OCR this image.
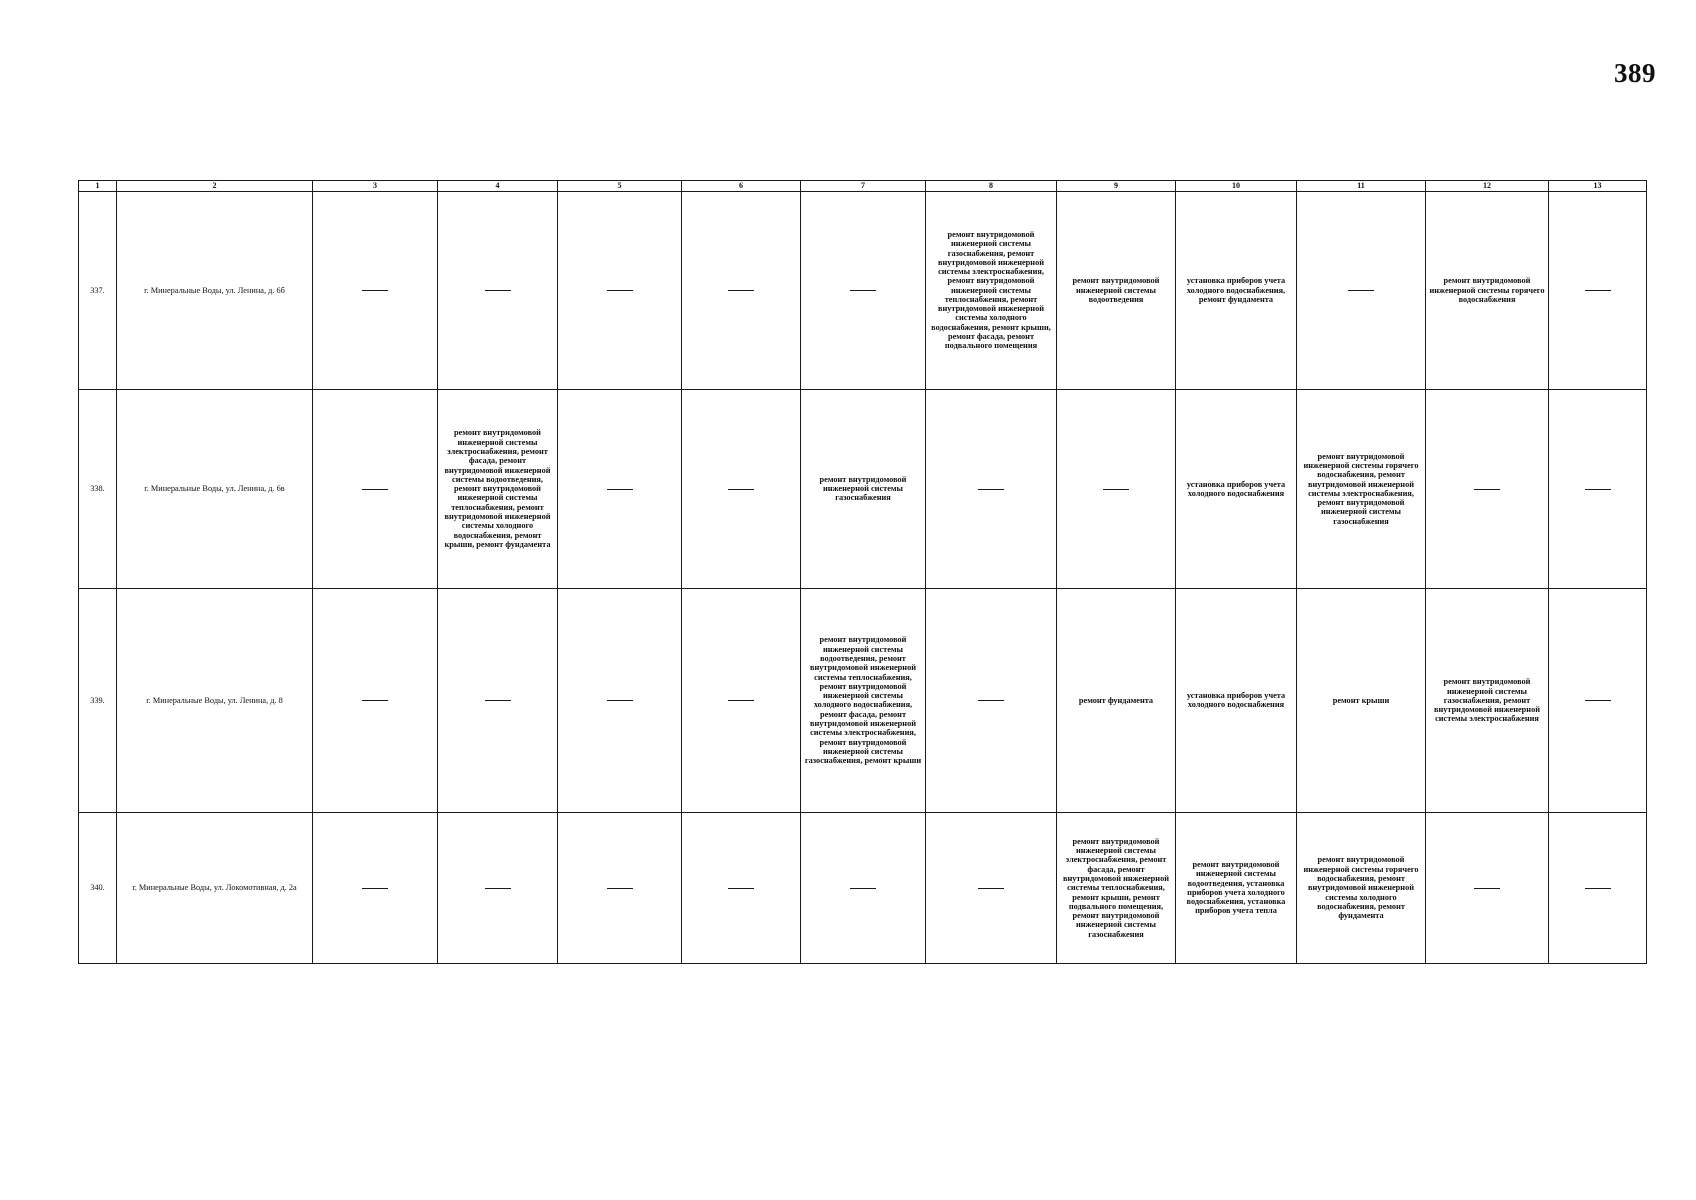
389
1	2	3	4	5	6	7	8	9	10	11	12	13
337.	г. Минеральные Воды, ул. Ленина, д. 6б						ремонт внутридомовой инженерной системы газоснабжения, ремонт внутридомовой инженерной системы электроснабжения, ремонт внутридомовой инженерной системы теплоснабжения, ремонт внутридомовой инженерной системы холодного водоснабжения, ремонт крыши, ремонт фасада, ремонт подвального помещения	ремонт внутридомовой инженерной системы водоотведения	установка приборов учета холодного водоснабжения, ремонт фундамента		ремонт внутридомовой инженерной системы горячего водоснабжения	
338.	г. Минеральные Воды, ул. Ленина, д. 6в		ремонт внутридомовой инженерной системы электроснабжения, ремонт фасада, ремонт внутридомовой инженерной системы водоотведения, ремонт внутридомовой инженерной системы теплоснабжения, ремонт внутридомовой инженерной системы холодного водоснабжения, ремонт крыши, ремонт фундамента			ремонт внутридомовой инженерной системы газоснабжения			установка приборов учета холодного водоснабжения	ремонт внутридомовой инженерной системы горячего водоснабжения, ремонт внутридомовой инженерной системы электроснабжения, ремонт внутридомовой инженерной системы газоснабжения		
339.	г. Минеральные Воды, ул. Ленина, д. 8					ремонт внутридомовой инженерной системы водоотведения, ремонт внутридомовой инженерной системы теплоснабжения, ремонт внутридомовой инженерной системы холодного водоснабжения, ремонт фасада, ремонт внутридомовой инженерной системы электроснабжения, ремонт внутридомовой инженерной системы газоснабжения, ремонт крыши		ремонт фундамента	установка приборов учета холодного водоснабжения	ремонт крыши	ремонт внутридомовой инженерной системы газоснабжения, ремонт внутридомовой инженерной системы электроснабжения	
340.	г. Минеральные Воды, ул. Локомотивная, д. 2а							ремонт внутридомовой инженерной системы электроснабжения, ремонт фасада, ремонт внутридомовой инженерной системы теплоснабжения, ремонт крыши, ремонт подвального помещения, ремонт внутридомовой инженерной системы газоснабжения	ремонт внутридомовой инженерной системы водоотведения, установка приборов учета холодного водоснабжения, установка приборов учета тепла	ремонт внутридомовой инженерной системы горячего водоснабжения, ремонт внутридомовой инженерной системы холодного водоснабжения, ремонт фундамента		
